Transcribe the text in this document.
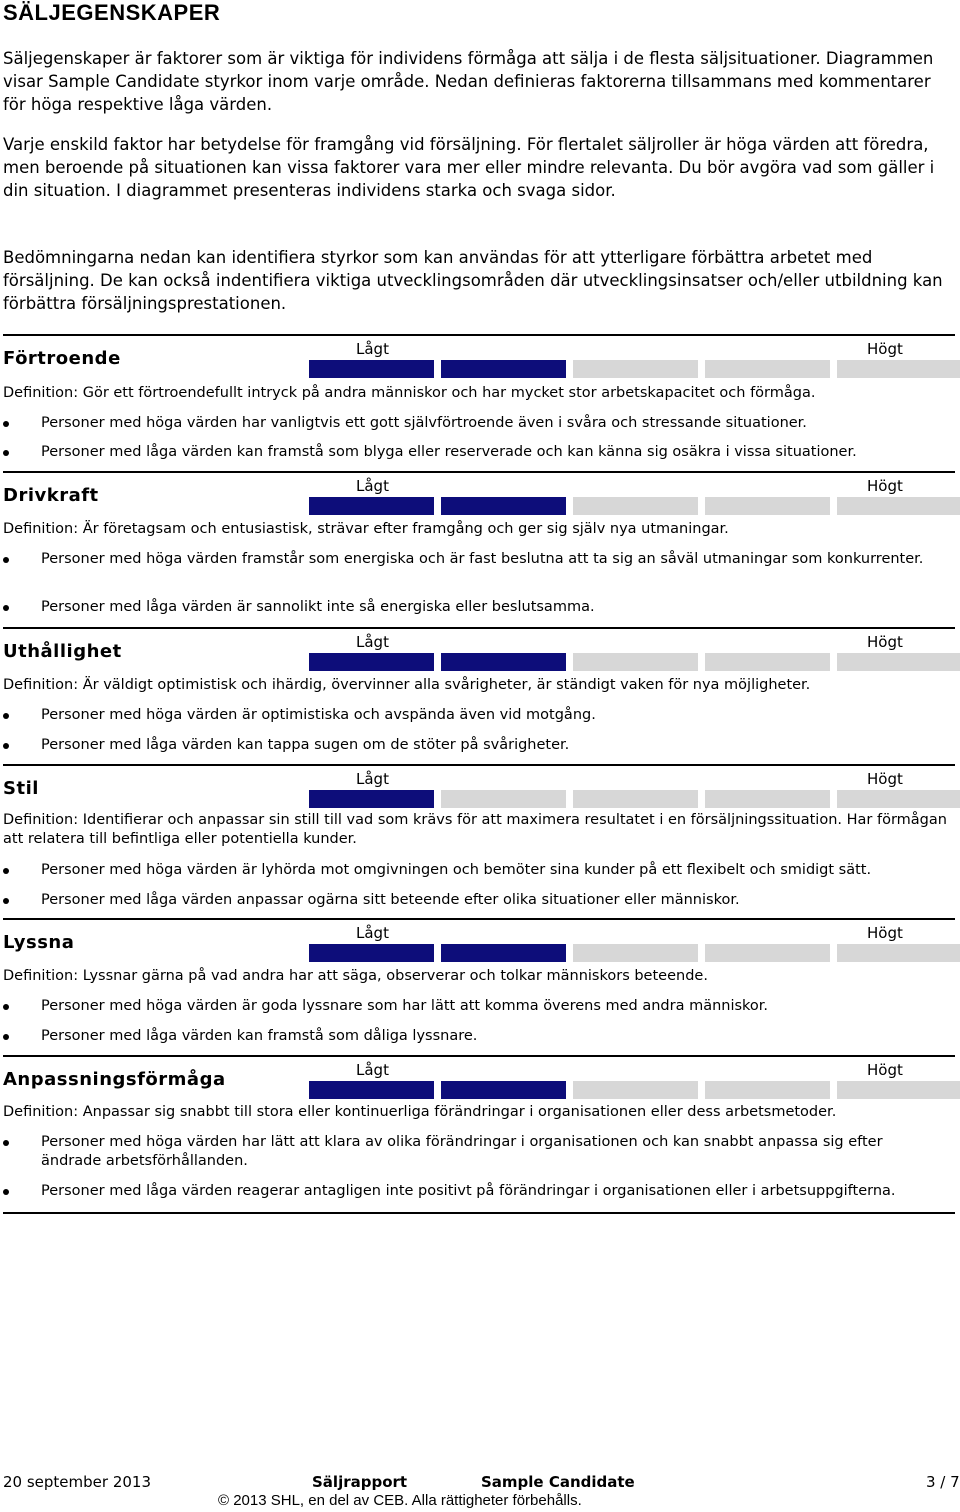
SÄLJEGENSKAPER

Säljegenskaper är faktorer som är viktiga för individens förmåga att sälja i de flesta säljsituationer. Diagrammen visar Sample Candidate styrkor inom varje område. Nedan definieras faktorerna tillsammans med kommentarer för höga respektive låga värden.

Varje enskild faktor har betydelse för framgång vid försäljning. För flertalet säljroller är höga värden att föredra, men beroende på situationen kan vissa faktorer vara mer eller mindre relevanta. Du bör avgöra vad som gäller i din situation. I diagrammet presenteras individens starka och svaga sidor.

Bedömningarna nedan kan identifiera styrkor som kan användas för att ytterligare förbättra arbetet med försäljning. De kan också indentifiera viktiga utvecklingsområden där utvecklingsinsatser och/eller utbildning kan förbättra försäljningsprestationen.

Förtroende	Lågt	Högt
Definition: Gör ett förtroendefullt intryck på andra människor och har mycket stor arbetskapacitet och förmåga.
Personer med höga värden har vanligtvis ett gott självförtroende även i svåra och stressande situationer.
Personer med låga värden kan framstå som blyga eller reserverade och kan känna sig osäkra i vissa situationer.
Drivkraft	Lågt	Högt
Definition: Är företagsam och entusiastisk, strävar efter framgång och ger sig själv nya utmaningar.
Personer med höga värden framstår som energiska och är fast beslutna att ta sig an såväl utmaningar som konkurrenter.
Personer med låga värden är sannolikt inte så energiska eller beslutsamma.
Uthållighet	Lågt	Högt
Definition: Är väldigt optimistisk och ihärdig, övervinner alla svårigheter, är ständigt vaken för nya möjligheter.
Personer med höga värden är optimistiska och avspända även vid motgång.
Personer med låga värden kan tappa sugen om de stöter på svårigheter.
Stil	Lågt	Högt
Definition: Identifierar och anpassar sin still till vad som krävs för att maximera resultatet i en försäljningssituation. Har förmågan att relatera till befintliga eller potentiella kunder.
Personer med höga värden är lyhörda mot omgivningen och bemöter sina kunder på ett flexibelt och smidigt sätt.
Personer med låga värden anpassar ogärna sitt beteende efter olika situationer eller människor.
Lyssna	Lågt	Högt
Definition: Lyssnar gärna på vad andra har att säga, observerar och tolkar människors beteende.
Personer med höga värden är goda lyssnare som har lätt att komma överens med andra människor.
Personer med låga värden kan framstå som dåliga lyssnare.
Anpassningsförmåga	Lågt	Högt
Definition: Anpassar sig snabbt till stora eller kontinuerliga förändringar i organisationen eller dess arbetsmetoder.
Personer med höga värden har lätt att klara av olika förändringar i organisationen och kan snabbt anpassa sig efter ändrade arbetsförhållanden.
Personer med låga värden reagerar antagligen inte positivt på förändringar i organisationen eller i arbetsuppgifterna.
20 september 2013	Säljrapport	Sample Candidate	3 / 7
© 2013 SHL, en del av CEB. Alla rättigheter förbehålls.
